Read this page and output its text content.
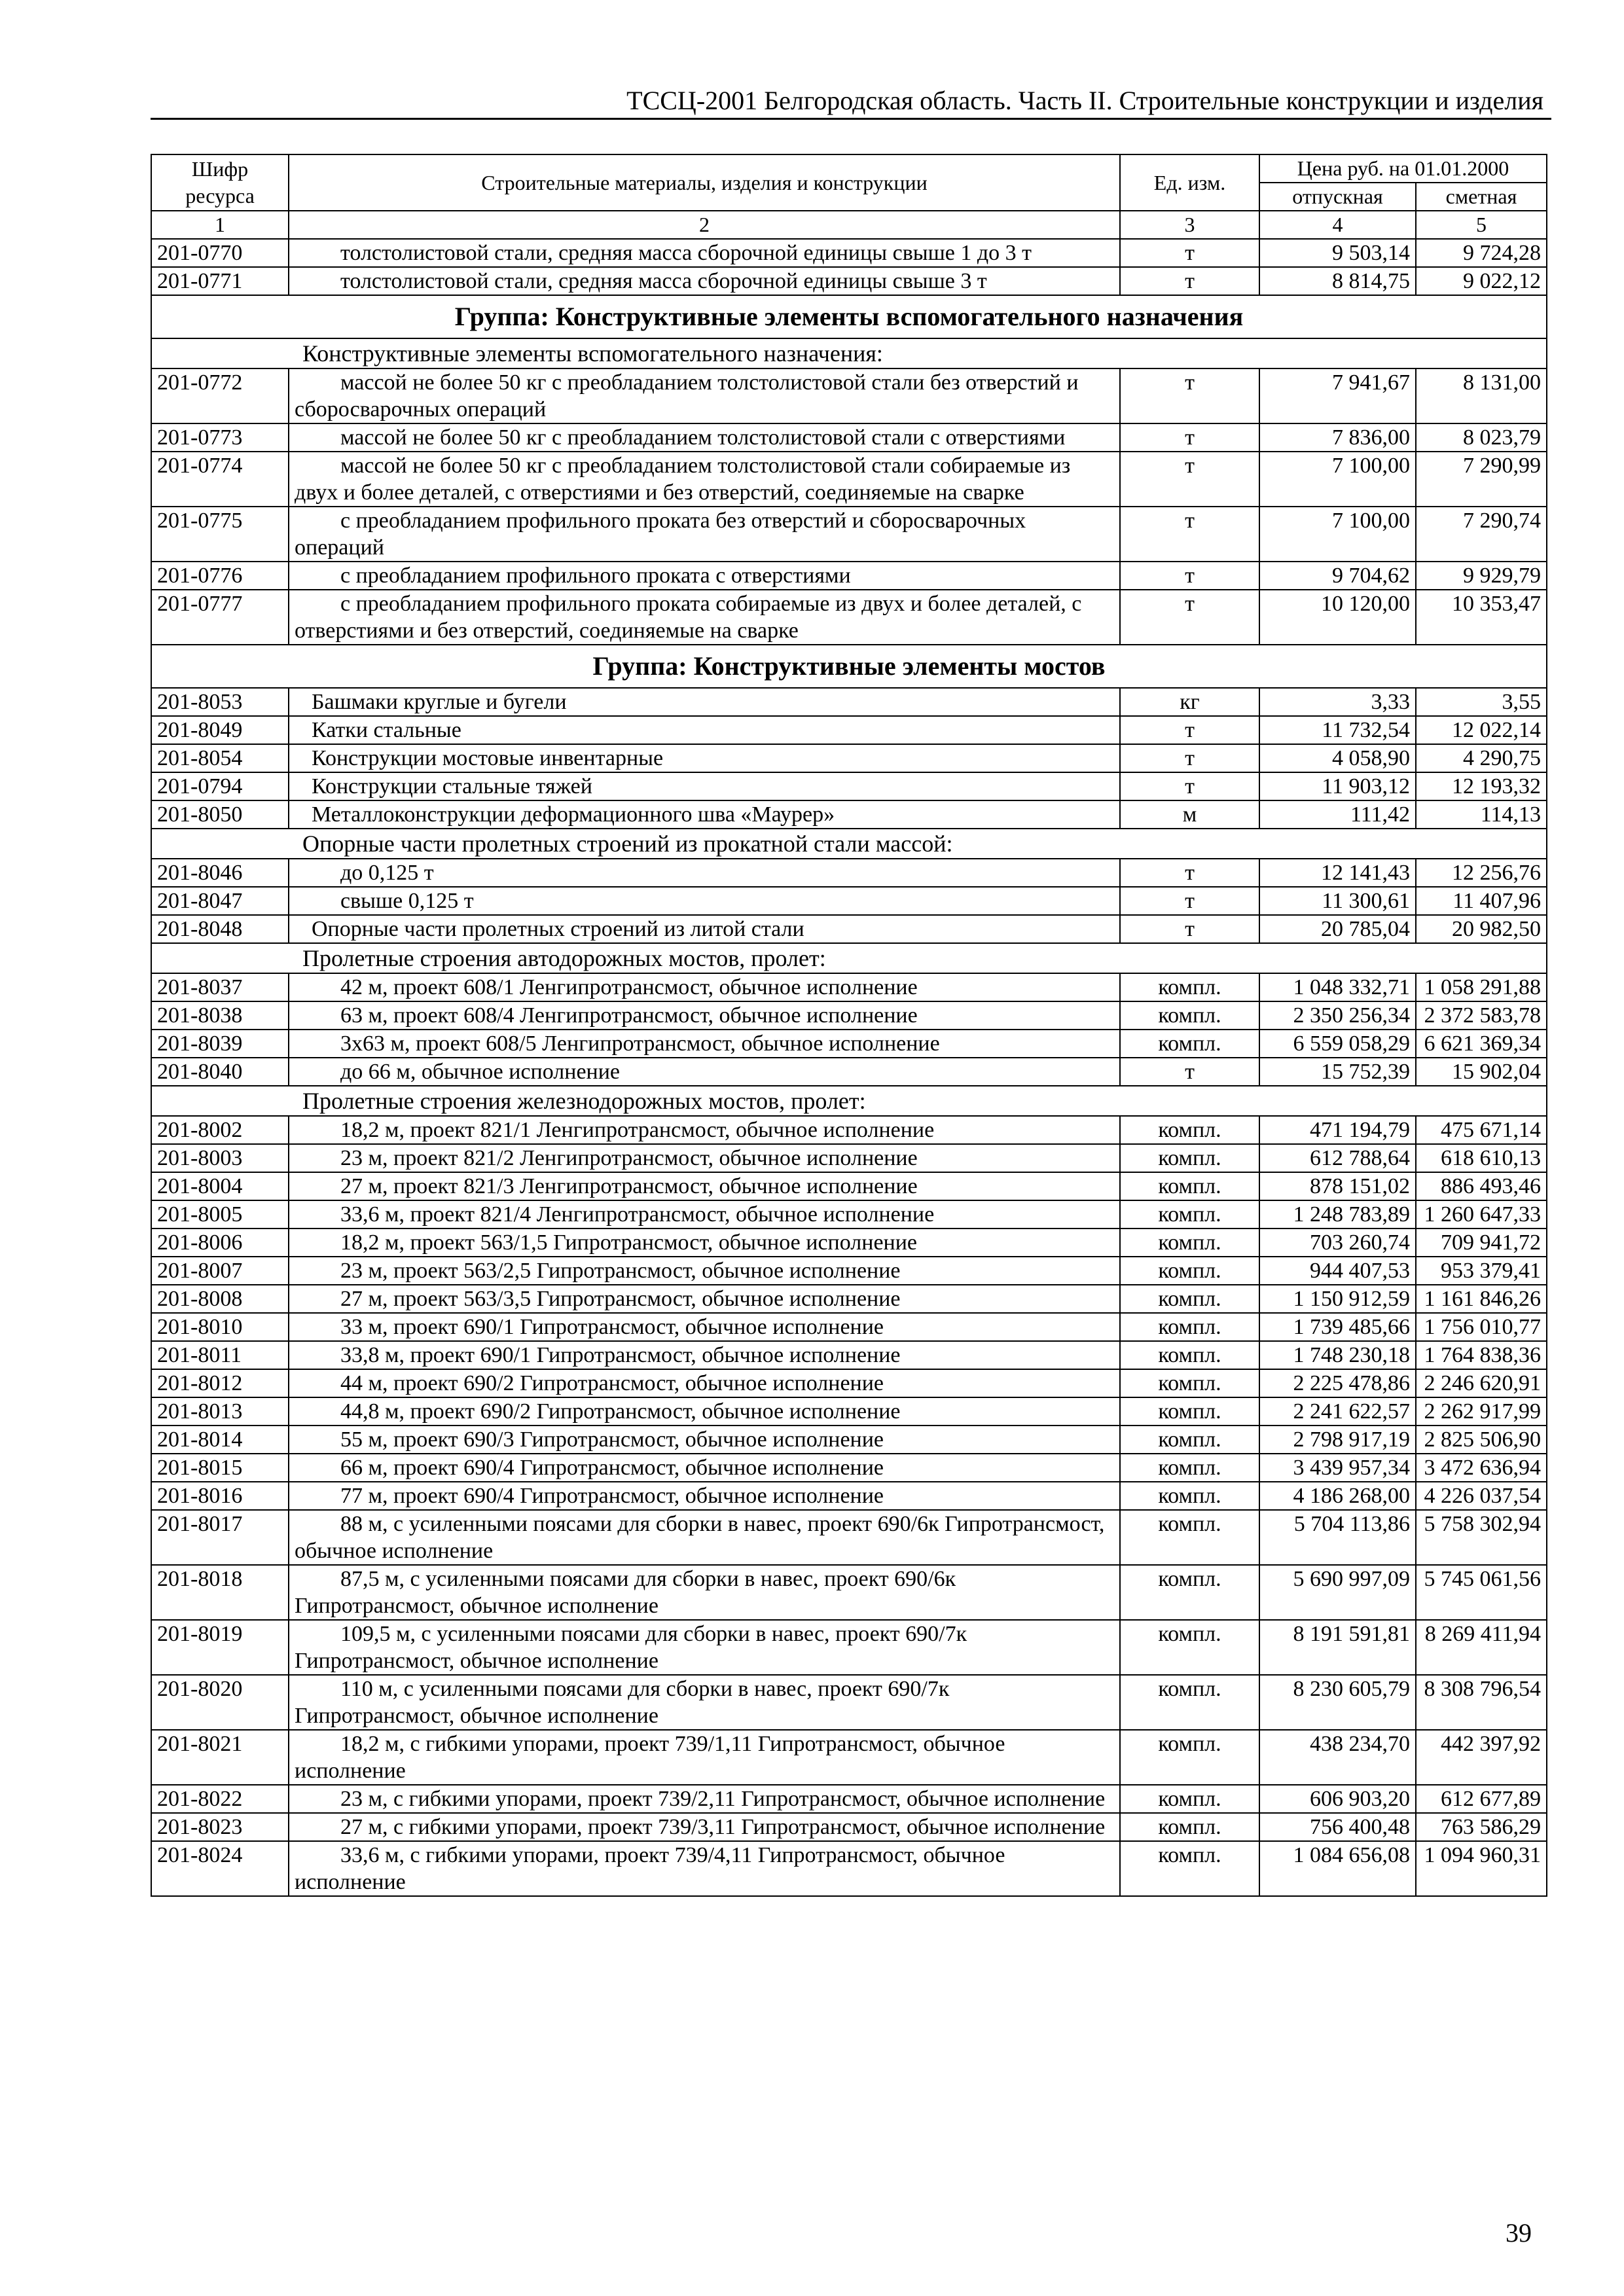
ТССЦ-2001 Белгородская область. Часть II. Строительные конструкции и изделия
Шифр ресурса	Строительные материалы, изделия и конструкции	Ед. изм.	Цена руб. на 01.01.2000	
			отпускная	сметная
1	2	3	4	5
201-0770	толстолистовой стали, средняя масса сборочной единицы свыше 1 до 3 т	т	9 503,14	9 724,28
201-0771	толстолистовой стали, средняя масса сборочной единицы свыше 3 т	т	8 814,75	9 022,12
Группа: Конструктивные элементы вспомогательного назначения				
Конструктивные элементы вспомогательного назначения:				
201-0772	массой не более 50 кг с преобладанием толстолистовой стали без отверстий и сборосварочных операций	т	7 941,67	8 131,00
201-0773	массой не более 50 кг с преобладанием толстолистовой стали с отверстиями	т	7 836,00	8 023,79
201-0774	массой не более 50 кг с преобладанием толстолистовой стали собираемые из двух и более деталей, с отверстиями и без отверстий, соединяемые на сварке	т	7 100,00	7 290,99
201-0775	с преобладанием профильного проката без отверстий и сборосварочных операций	т	7 100,00	7 290,74
201-0776	с преобладанием профильного проката с отверстиями	т	9 704,62	9 929,79
201-0777	с преобладанием профильного проката собираемые из двух и более деталей, с отверстиями и без отверстий, соединяемые на сварке	т	10 120,00	10 353,47
Группа: Конструктивные элементы мостов				
201-8053	Башмаки круглые и бугели	кг	3,33	3,55
201-8049	Катки стальные	т	11 732,54	12 022,14
201-8054	Конструкции мостовые инвентарные	т	4 058,90	4 290,75
201-0794	Конструкции стальные тяжей	т	11 903,12	12 193,32
201-8050	Металлоконструкции деформационного шва «Маурер»	м	111,42	114,13
Опорные части пролетных строений из прокатной стали массой:				
201-8046	до 0,125 т	т	12 141,43	12 256,76
201-8047	свыше 0,125 т	т	11 300,61	11 407,96
201-8048	Опорные части пролетных строений из литой стали	т	20 785,04	20 982,50
Пролетные строения автодорожных мостов, пролет:				
201-8037	42 м, проект 608/1 Ленгипротрансмост, обычное исполнение	компл.	1 048 332,71	1 058 291,88
201-8038	63 м, проект 608/4 Ленгипротрансмост, обычное исполнение	компл.	2 350 256,34	2 372 583,78
201-8039	3х63 м, проект 608/5 Ленгипротрансмост, обычное исполнение	компл.	6 559 058,29	6 621 369,34
201-8040	до 66 м, обычное исполнение	т	15 752,39	15 902,04
Пролетные строения железнодорожных мостов, пролет:				
201-8002	18,2 м, проект 821/1 Ленгипротрансмост, обычное исполнение	компл.	471 194,79	475 671,14
201-8003	23 м, проект 821/2 Ленгипротрансмост, обычное исполнение	компл.	612 788,64	618 610,13
201-8004	27 м, проект 821/3 Ленгипротрансмост, обычное исполнение	компл.	878 151,02	886 493,46
201-8005	33,6 м, проект 821/4 Ленгипротрансмост, обычное исполнение	компл.	1 248 783,89	1 260 647,33
201-8006	18,2 м, проект 563/1,5 Гипротрансмост, обычное исполнение	компл.	703 260,74	709 941,72
201-8007	23 м, проект 563/2,5 Гипротрансмост, обычное исполнение	компл.	944 407,53	953 379,41
201-8008	27 м, проект 563/3,5 Гипротрансмост, обычное исполнение	компл.	1 150 912,59	1 161 846,26
201-8010	33 м, проект 690/1 Гипротрансмост, обычное исполнение	компл.	1 739 485,66	1 756 010,77
201-8011	33,8 м, проект 690/1 Гипротрансмост, обычное исполнение	компл.	1 748 230,18	1 764 838,36
201-8012	44 м, проект 690/2 Гипротрансмост, обычное исполнение	компл.	2 225 478,86	2 246 620,91
201-8013	44,8 м, проект 690/2 Гипротрансмост, обычное исполнение	компл.	2 241 622,57	2 262 917,99
201-8014	55 м, проект 690/3 Гипротрансмост, обычное исполнение	компл.	2 798 917,19	2 825 506,90
201-8015	66 м, проект 690/4 Гипротрансмост, обычное исполнение	компл.	3 439 957,34	3 472 636,94
201-8016	77 м, проект 690/4 Гипротрансмост, обычное исполнение	компл.	4 186 268,00	4 226 037,54
201-8017	88 м, с усиленными поясами для сборки в навес, проект 690/6к Гипротрансмост, обычное исполнение	компл.	5 704 113,86	5 758 302,94
201-8018	87,5 м, с усиленными поясами для сборки в навес, проект 690/6к Гипротрансмост, обычное исполнение	компл.	5 690 997,09	5 745 061,56
201-8019	109,5 м, с усиленными поясами для сборки в навес, проект 690/7к Гипротрансмост, обычное исполнение	компл.	8 191 591,81	8 269 411,94
201-8020	110 м, с усиленными поясами для сборки в навес, проект 690/7к Гипротрансмост, обычное исполнение	компл.	8 230 605,79	8 308 796,54
201-8021	18,2 м, с гибкими упорами, проект 739/1,11 Гипротрансмост, обычное исполнение	компл.	438 234,70	442 397,92
201-8022	23 м, с гибкими упорами, проект 739/2,11 Гипротрансмост, обычное исполнение	компл.	606 903,20	612 677,89
201-8023	27 м, с гибкими упорами, проект 739/3,11 Гипротрансмост, обычное исполнение	компл.	756 400,48	763 586,29
201-8024	33,6 м, с гибкими упорами, проект 739/4,11 Гипротрансмост, обычное исполнение	компл.	1 084 656,08	1 094 960,31
39
